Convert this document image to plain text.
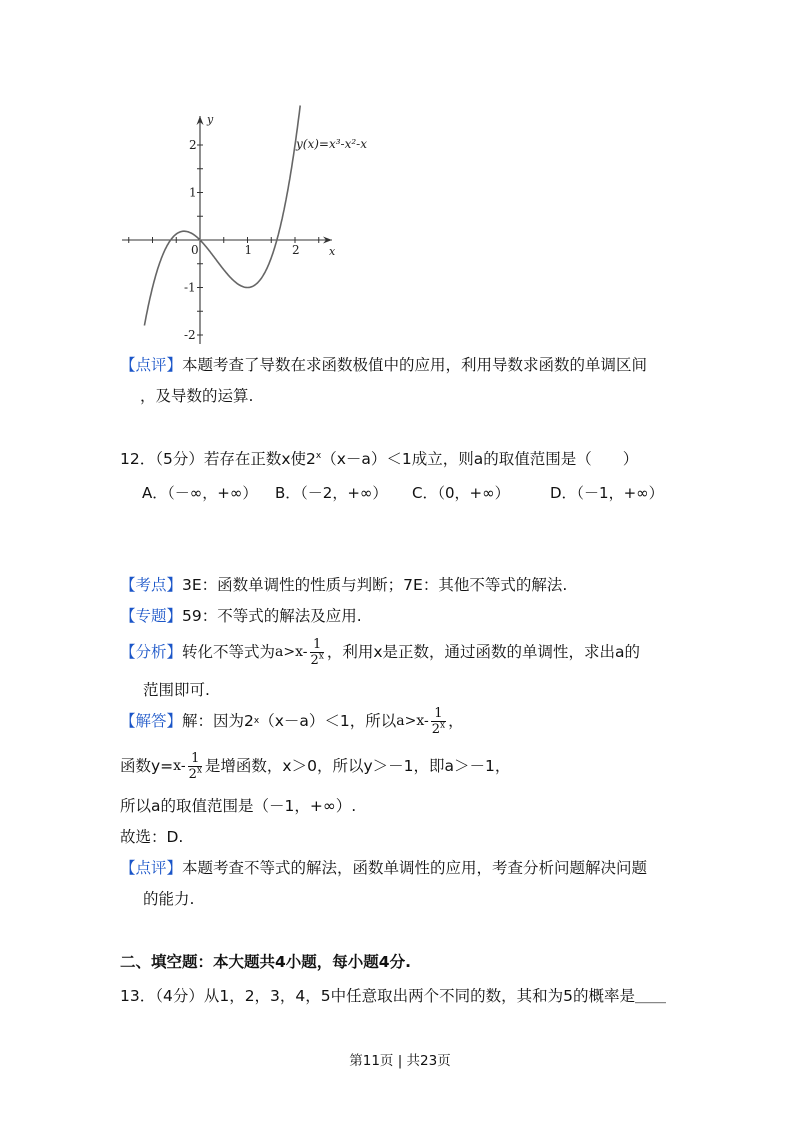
x
y
0	1	2
2
1
-1
-2
y(x)=x³-x²-x
【点评】本题考查了导数在求函数极值中的应用，利用导数求函数的单调区间
，及导数的运算.
12．（5分）若存在正数x使$2^x(x-a)<1$成立，则a的取值范围是（　　）
A．（－∞，+∞） B．（－2，+∞） C．（0，+∞）	D．（－1，+∞）
【考点】3E：函数单调性的性质与判断；7E：其他不等式的解法.
【专题】59：不等式的解法及应用.
【分析】 转化不等式为 $a>x- \frac{1}{2^x}$ ，利用x是正数，通过函数的单调性，求出a的
范围即可.
【解答】 解：因为2 x （x－a）＜1，所以 $a>x- \frac{1}{2^x}$ ，
函数$y= x- \frac{1}{2^x}$ 是增函数，x＞0，所以y＞－1，即a＞－1，
所以a的取值范围是（－1，+∞）.
故选：D.
【点评】本题考查不等式的解法，函数单调性的应用，考查分析问题解决问题
的能力.
二、填空题：本大题共4小题，每小题4分.
13．（4分）从1，2，3，4，5中任意取出两个不同的数，其和为5的概率是＿＿
第11页 | 共23页
